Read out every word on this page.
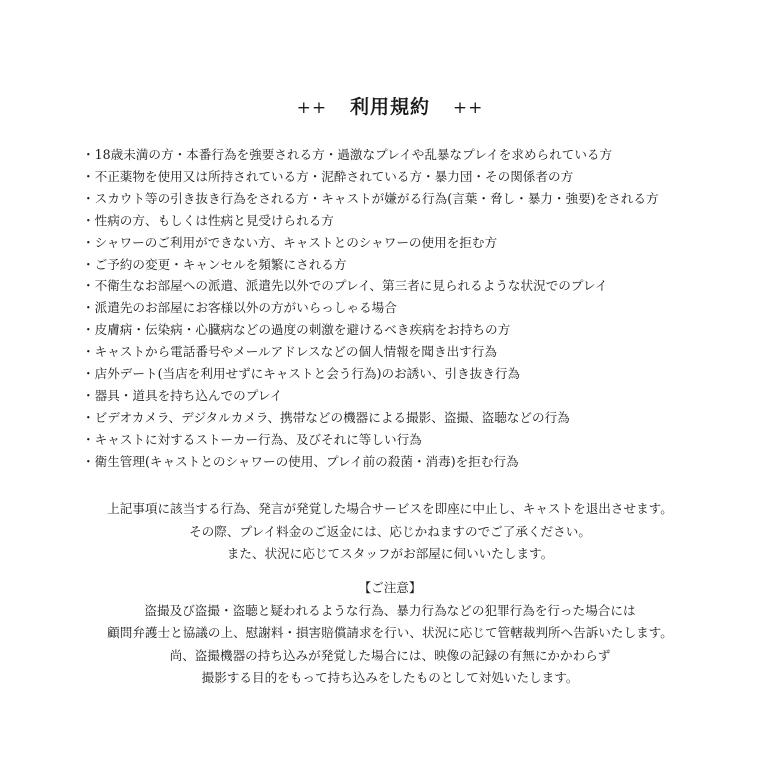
++ 利用規約 ++
・18歳未満の方・本番行為を強要される方・過激なプレイや乱暴なプレイを求められている方
・不正薬物を使用又は所持されている方・泥酔されている方・暴力団・その関係者の方
・スカウト等の引き抜き行為をされる方・キャストが嫌がる行為(言葉・脅し・暴力・強要)をされる方
・性病の方、もしくは性病と見受けられる方
・シャワーのご利用ができない方、キャストとのシャワーの使用を拒む方
・ご予約の変更・キャンセルを頻繁にされる方
・不衛生なお部屋への派遣、派遣先以外でのプレイ、第三者に見られるような状況でのプレイ
・派遣先のお部屋にお客様以外の方がいらっしゃる場合
・皮膚病・伝染病・心臓病などの過度の刺激を避けるべき疾病をお持ちの方
・キャストから電話番号やメールアドレスなどの個人情報を聞き出す行為
・店外デート(当店を利用せずにキャストと会う行為)のお誘い、引き抜き行為
・器具・道具を持ち込んでのプレイ
・ビデオカメラ、デジタルカメラ、携帯などの機器による撮影、盗撮、盗聴などの行為
・キャストに対するストーカー行為、及びそれに等しい行為
・衛生管理(キャストとのシャワーの使用、プレイ前の殺菌・消毒)を拒む行為
上記事項に該当する行為、発言が発覚した場合サービスを即座に中止し、キャストを退出させます。
その際、プレイ料金のご返金には、応じかねますのでご了承ください。
また、状況に応じてスタッフがお部屋に伺いいたします。
【ご注意】
盗撮及び盗撮・盗聴と疑われるような行為、暴力行為などの犯罪行為を行った場合には
顧問弁護士と協議の上、慰謝料・損害賠償請求を行い、状況に応じて管轄裁判所へ告訴いたします。
尚、盗撮機器の持ち込みが発覚した場合には、映像の記録の有無にかかわらず
撮影する目的をもって持ち込みをしたものとして対処いたします。
